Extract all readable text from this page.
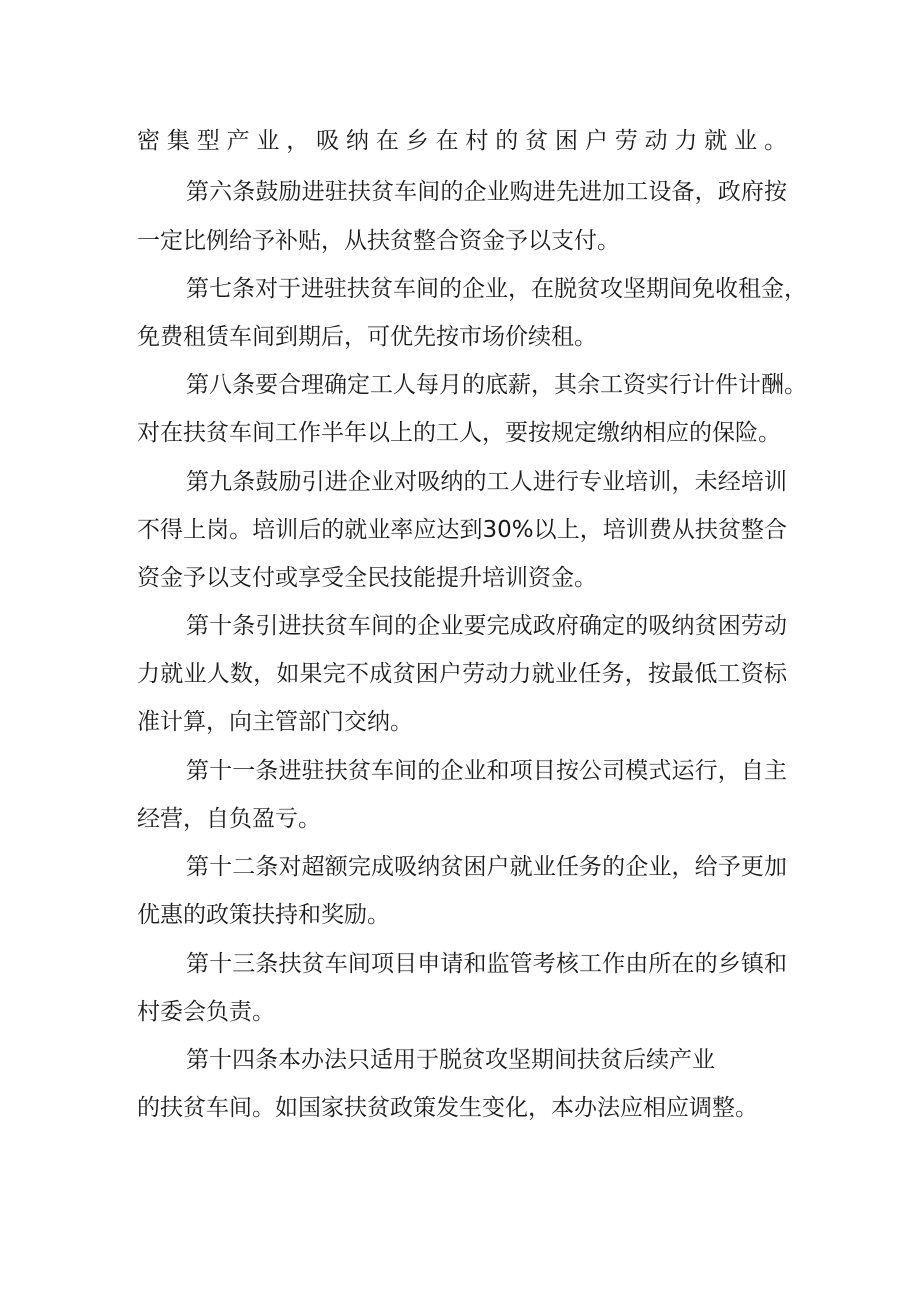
密集型产业，吸纳在乡在村的贫困户劳动力就业。
第六条鼓励进驻扶贫车间的企业购进先进加工设备，政府按
一定比例给予补贴，从扶贫整合资金予以支付。
第七条对于进驻扶贫车间的企业，在脱贫攻坚期间免收租金，
免费租赁车间到期后，可优先按市场价续租。
第八条要合理确定工人每月的底薪，其余工资实行计件计酬。
对在扶贫车间工作半年以上的工人，要按规定缴纳相应的保险。
第九条鼓励引进企业对吸纳的工人进行专业培训，未经培训
不得上岗。培训后的就业率应达到30%以上，培训费从扶贫整合
资金予以支付或享受全民技能提升培训资金。
第十条引进扶贫车间的企业要完成政府确定的吸纳贫困劳动
力就业人数，如果完不成贫困户劳动力就业任务，按最低工资标
准计算，向主管部门交纳。
第十一条进驻扶贫车间的企业和项目按公司模式运行，自主
经营，自负盈亏。
第十二条对超额完成吸纳贫困户就业任务的企业，给予更加
优惠的政策扶持和奖励。
第十三条扶贫车间项目申请和监管考核工作由所在的乡镇和
村委会负责。
第十四条本办法只适用于脱贫攻坚期间扶贫后续产业
的扶贫车间。如国家扶贫政策发生变化，本办法应相应调整。
